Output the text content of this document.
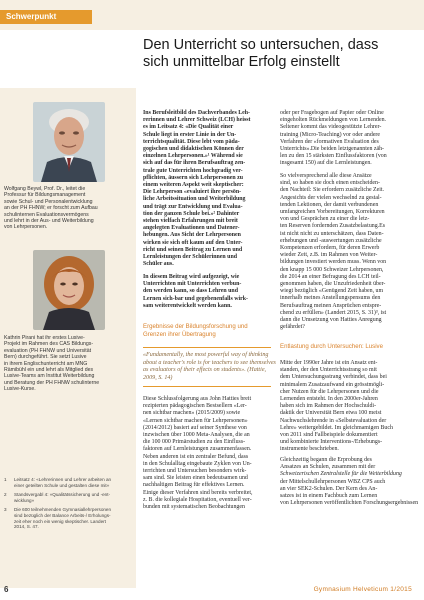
Schwerpunkt
Den Unterricht so untersuchen, dass
sich unmittelbar Erfolg einstellt
Wolfgang Beywl, Prof. Dr., leitet die
Professur für Bildungsmanagement
sowie Schul- und Personalentwicklung
an der PH FHNW; er forscht zum Aufbau
schulinternen Evaluationsvermögens
und lehrt in der Aus- und Weiterbildung
von Lehrpersonen.
Kathrin Pirani hat ihr erstes Lusive-
Projekt im Rahmen des CAS Bildungs-
evaluation (PH FHNW und Universität
Bern) durchgeführt. Sie setzt Lusive
in ihrem Englischunterricht am MNG
Rämibühl ein und lehrt als Mitglied des
Lusive-Teams am Institut Weiterbildung
und Beratung der PH FHNW schulinterne
Lusive-Kurse.
1 Leitsatz 4: «Lehrerinnen und Lehrer arbeiten an
einer geteilten Schule und gestalten diese mit»
2 Standsvergabl 4: «Qualitätssicherung und -ent-
wicklung»
3 Die 600 teilnehmenden Gymnasiallehrpersonen
sind bezüglich der Balance Arbeits-/ Erholungs-
zeit eher noch ein wenig skeptischer. Landert
2014, S. 47.
Ins Berufsleitbild des Dachverbandes Leh-
rerinnen und Lehrer Schweiz (LCH) heisst
es im Leitsatz 4: «Die Qualität einer
Schule liegt in erster Linie in der Un-
terrichtsqualität. Diese lebt vom päda-
gogischen und didaktischen Können der
einzelnen Lehrpersonen.»¹ Während sie
sich auf das für ihren Berufsauftrag zen-
trale gute Unterrichten hochgradig ver-
pflichten, äussern sich Lehrpersonen zu
einem weiteren Aspekt weit skeptischer:
Die Lehrperson «evaluiert ihre persön-
liche Arbeitssituation und Weiterbildung
und trägt zur Entwicklung und Evalua-
tion der ganzen Schule bei.»² Dahinter
stehen vielfach Erfahrungen mit breit
angelegten Evaluationen und Datener-
hebungen. Aus Sicht der Lehrpersonen
wirken sie sich oft kaum auf den Unter-
richt und seinen Beitrag zu Lernen und
Lernleistungen der Schülerinnen und
Schüler aus.
In diesem Beitrag wird aufgezeigt, wie
Unterrichten mit Unterrichten verbun-
den werden kann, so dass Lehren und
Lernen sich-bar und gegebenenfalls wirk-
sam weiterentwickelt werden kann.
Ergebnisse der Bildungsforschung und
Grenzen ihrer Übertragung
«Fundamentally, the most powerful way of thinking
about a teacher's role is for teachers to see themselves
as evaluators of their effects on students». (Hattie,
2009, S. 14)
Diese Schlussfolgerung aus John Hatties breit
rezipierten pädagogischen Bestsellern «Ler-
nen sichtbar machen» (2015/2009) sowie
«Lernen sichtbar machen für Lehrpersonen»
(2014/2012) basiert auf seiner Synthese von
inzwischen über 1000 Meta-Analysen, die an
die 100 000 Primärstudien zu den Einfluss-
faktoren auf Lernleistungen zusammenfassen.
Neben anderen ist ein zentraler Befund, dass
in den Schulalltag eingebaute Zyklen von Un-
terrichten und Untersuchen besonders wirk-
sam sind. Sie leisten einen bedeutsamen und
nachhaltigen Beitrag für effektives Lernen.
Einige dieser Verfahren sind bereits verbreitet,
z. B. die kollegiale Hospitation, eventuell ver-
bunden mit systematischen Beobachtungen
oder per Fragebogen auf Papier oder Online
eingeholten Rückmeldungen von Lernenden.
Seltener kommt das videogestützte Lehrer-
training (Micro-Teaching) vor oder andere
Verfahren der «formativen Evaluation des
Unterrichts».Die beiden letztgenannten zäh-
len zu den 15 stärksten Einflussfaktoren (von
insgesamt 150) auf die Lernleistungen.
So vielversprechend alle diese Ansätze
sind, so haben sie doch einen entscheiden-
den Nachteil: Sie erfordern zusätzliche Zeit.
Angesichts der vielen wechselnd zu gestal-
tenden Lektionen, der damit verbundenen
umfangreichen Vorbereitungen, Korrekturen
von und Gesprächen zu einer die letz-
ten Reserven fordernden Zusatzbelastung.Es
ist nicht nicht zu unterschätzen, dass Daten-
erhebungen und -auswertungen zusätzliche
Kompetenzen erfordern, für deren Erwerb
wieder Zeit, z.B. im Rahmen von Weiter-
bildungen investiert werden muss. Wenn von
den knapp 15 000 Schweizer Lehrpersonen,
die 2014 an einer Befragung des LCH teil-
genommen haben, die Unzufriedenheit über-
wiegt bezüglich «Genügend Zeit haben, um
innerhalb meines Anstellungspensums den
Berufsauftrag meinen Ansprüchen entspre-
chend zu erfüllen» (Landert 2015, S. 31)³, ist
dann die Umsetzung von Hatties Anregung
gefährdet?
Entlastung durch Untersuchen: Lusive
Mitte der 1990er Jahre ist ein Ansatz ent-
standen, der den Unterrichtsstrang so mit
dem Untersuchungsstrang verbindet, dass bei
minimalem Zusatzaufwand ein grösstmögli-
cher Nutzen für die Lehrpersonen und die
Lernenden entsteht. In den 2000er-Jahren
haben sich im Rahmen der Hochschuldi-
daktik der Universität Bern etwa 100 meist
Nachwuchslehrende in «Selbstevaluation der
Lehre» weitergebildet. Im gleichmamigen Buch
von 2011 sind Fallbeispiele dokumentiert
und kombinierte Interventions-/Erhebungs-
instrumente beschrieben.
Gleichzeitig begann die Erprobung des
Ansatzes an Schulen, zusammen mit der
Schweizerischen Zentralstelle für die Weiterbildung
der Mittelschullehrpersonen WBZ CPS auch
an vier SEK2-Schulen. Der Kern des An-
satzes ist in einem Fachbuch zum Lernen
von Lehrpersonen veröffentlichten Forschungsergebnissen
6	Gymnasium Helveticum 1/2015
